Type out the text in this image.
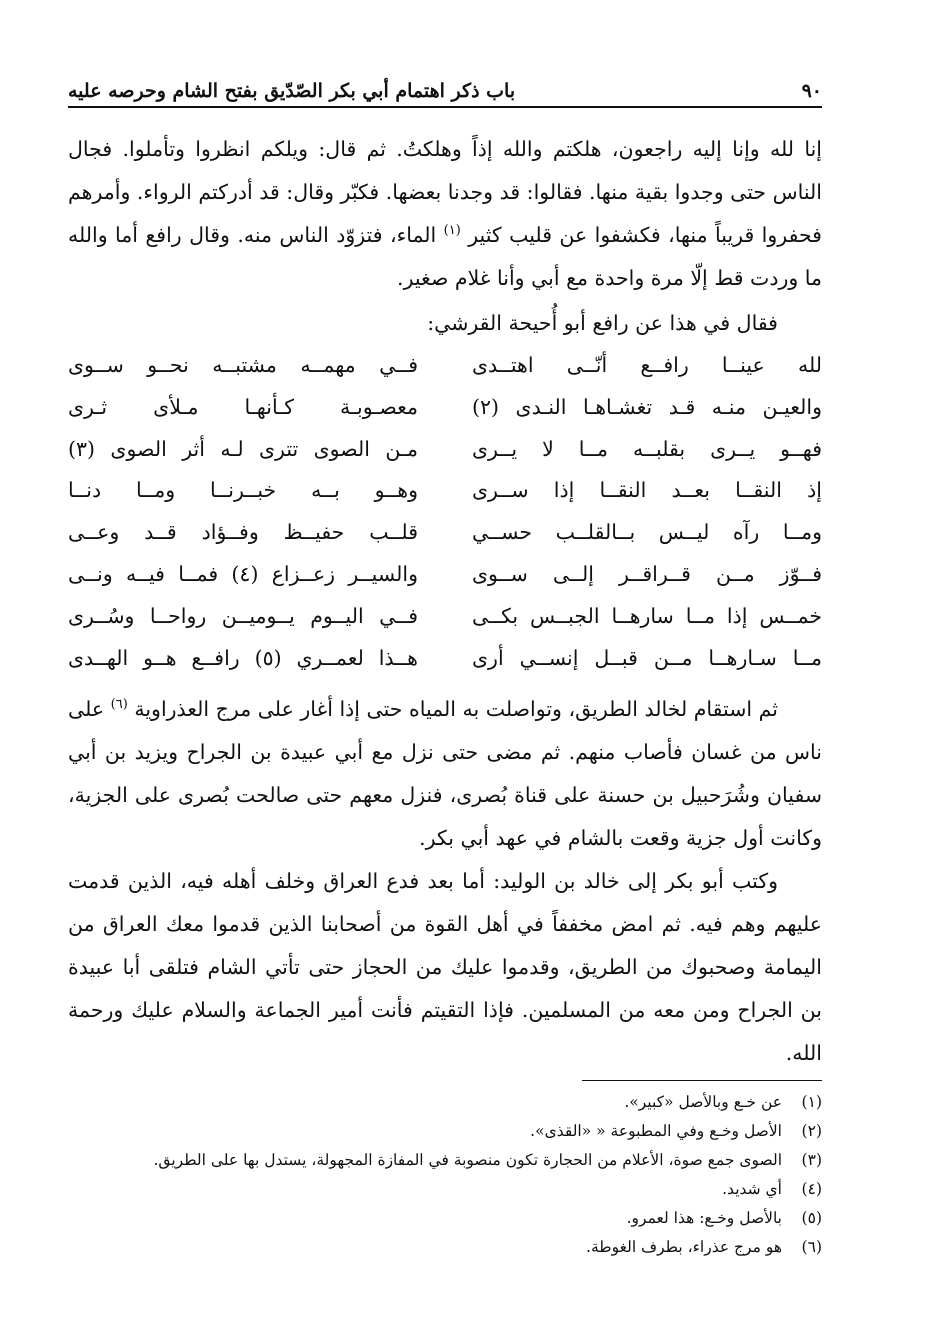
٩٠
باب ذكر اهتمام أبي بكر الصّدّيق بفتح الشام وحرصه عليه
إنا لله وإنا إليه راجعون، هلكتم والله إذاً وهلكتُ. ثم قال: ويلكم انظروا وتأملوا. فجال الناس حتى وجدوا بقية منها. فقالوا: قد وجدنا بعضها. فكبّر وقال: قد أدركتم الرواء. وأمرهم فحفروا قريباً منها، فكشفوا عن قليب كثير $^{(١)}$ الماء، فتزوّد الناس منه. وقال رافع أما والله ما وردت قط إلّا مرة واحدة مع أبي وأنا غلام صغير.
فقال في هذا عن رافع أبو أُحيحة القرشي:
لله عينــا رافــع أنّــى اهتــدى
فــي مهمــه مشتبــه نحــو ســوى
والعيـن منـه قـد تغشـاهـا النـدى (٢)
معصـوبـة كـأنهـا مـلأى ثـرى
فهــو يــرى بقلبــه مــا لا يــرى
مـن الصوى تترى لـه أثر الصوى (٣)
إذ النقــا بعــد النقــا إذا ســرى
وهــو بــه خبــرنــا ومــا دنــا
ومــا رآه ليــس بــالقلــب حســي
قلــب حفيــظ وفــؤاد قــد وعــى
فــوّز مــن قــراقــر إلــى ســوى
والسيــر زعــزاع (٤) فمــا فيــه ونــى
خمــس إذا مــا سارهــا الجبــس بكــى
فــي اليــوم يــوميــن رواحــا وسُــرى
مــا سـارهــا مــن قبــل إنســي أرى
هــذا لعمــري (٥) رافــع هــو الهــدى
ثم استقام لخالد الطريق، وتواصلت به المياه حتى إذا أغار على مرج العذراوية $^{(٦)}$ على ناس من غسان فأصاب منهم. ثم مضى حتى نزل مع أبي عبيدة بن الجراح ويزيد بن أبي سفيان وشُرَحبيل بن حسنة على قناة بُصرى، فنزل معهم حتى صالحت بُصرى على الجزية، وكانت أول جزية وقعت بالشام في عهد أبي بكر.
وكتب أبو بكر إلى خالد بن الوليد: أما بعد فدع العراق وخلف أهله فيه، الذين قدمت عليهم وهم فيه. ثم امض مخففاً في أهل القوة من أصحابنا الذين قدموا معك العراق من اليمامة وصحبوك من الطريق، وقدموا عليك من الحجاز حتى تأتي الشام فتلقى أبا عبيدة بن الجراح ومن معه من المسلمين. فإذا التقيتم فأنت أمير الجماعة والسلام عليك ورحمة الله.
(١)
عن خـع وبالأصل «كبير».
(٢)
الأصل وخـع وفي المطبوعة « «القذى».
(٣)
الصوى جمع صوة، الأعلام من الحجارة تكون منصوبة في المفازة المجهولة، يستدل بها على الطريق.
(٤)
أي شديد.
(٥)
بالأصل وخـع: هذا لعمرو.
(٦)
هو مرج عذراء، بطرف الغوطة.
